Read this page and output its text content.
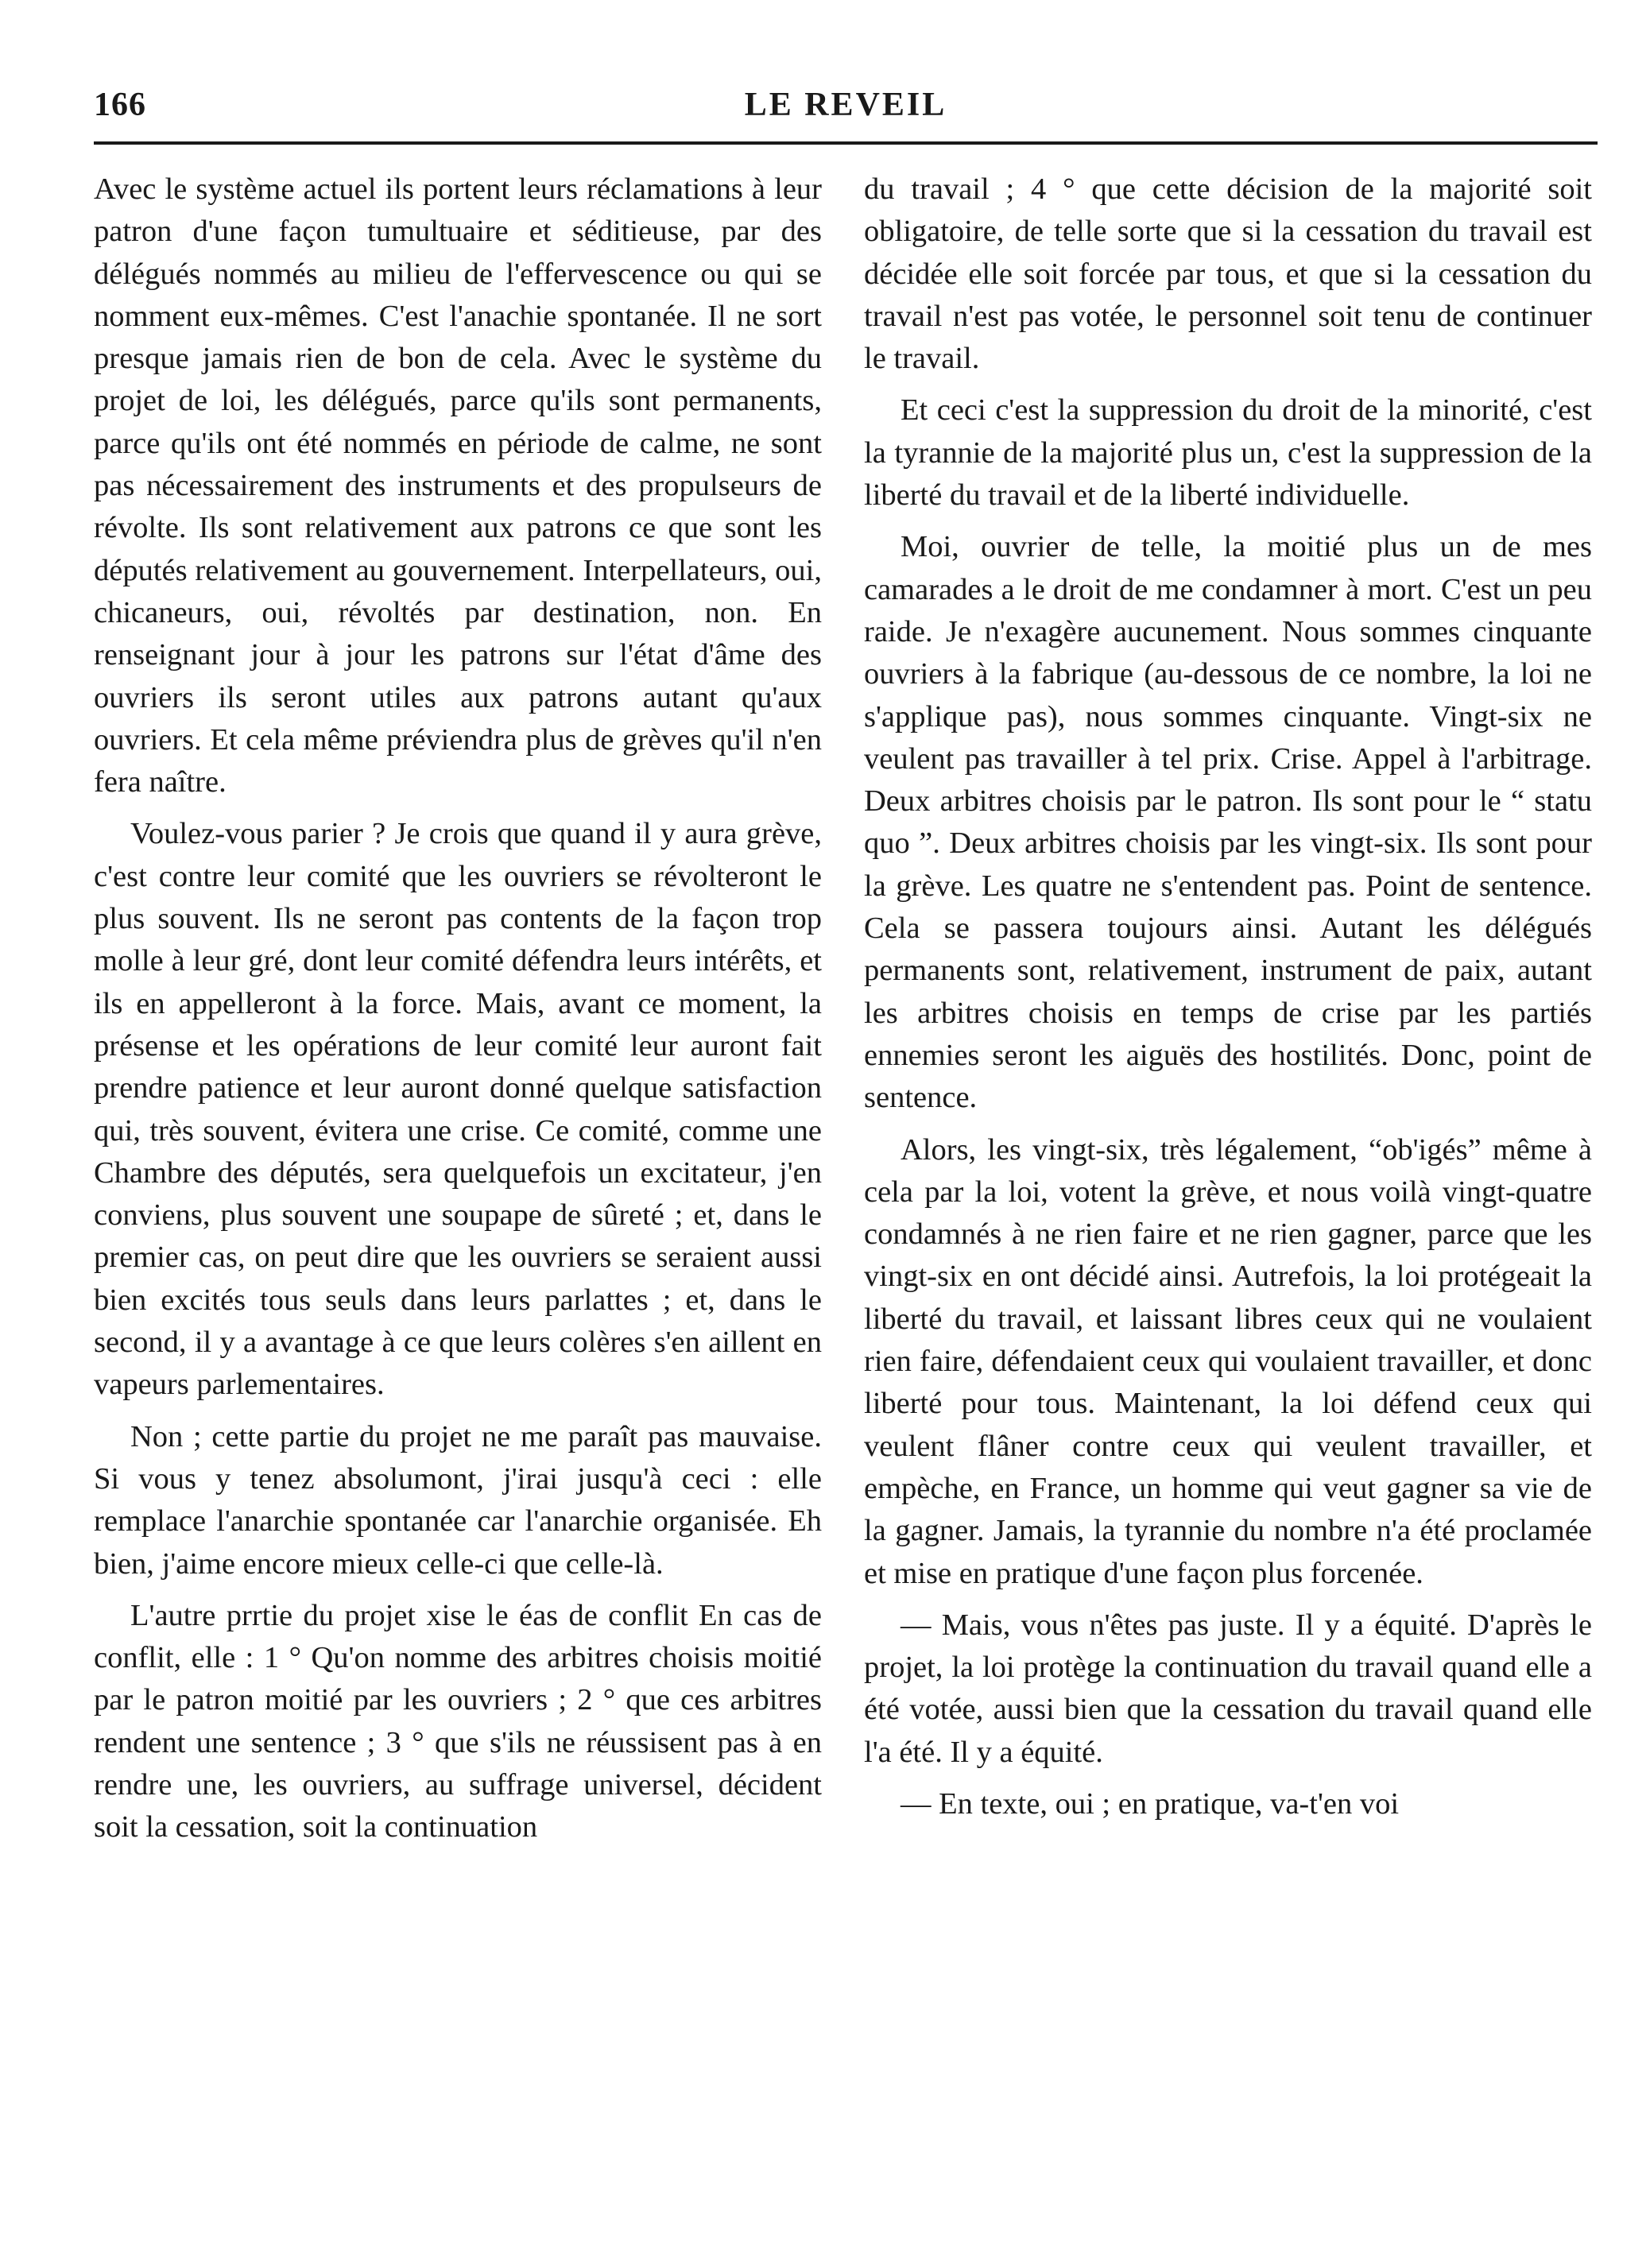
166	LE REVEIL

Avec le système actuel ils portent leurs réclamations à leur patron d'une façon tumultuaire et séditieuse, par des délégués nommés au milieu de l'effervescence ou qui se nomment eux-mêmes. C'est l'anachie spontanée. Il ne sort presque jamais rien de bon de cela. Avec le système du projet de loi, les délégués, parce qu'ils sont permanents, parce qu'ils ont été nommés en période de calme, ne sont pas nécessairement des instruments et des propulseurs de révolte. Ils sont relativement aux patrons ce que sont les députés relativement au gouvernement. Interpellateurs, oui, chicaneurs, oui, révoltés par destination, non. En renseignant jour à jour les patrons sur l'état d'âme des ouvriers ils seront utiles aux patrons autant qu'aux ouvriers. Et cela même préviendra plus de grèves qu'il n'en fera naître.

Voulez-vous parier ? Je crois que quand il y aura grève, c'est contre leur comité que les ouvriers se révolteront le plus souvent. Ils ne seront pas contents de la façon trop molle à leur gré, dont leur comité défendra leurs intérêts, et ils en appelleront à la force. Mais, avant ce moment, la présense et les opérations de leur comité leur auront fait prendre patience et leur auront donné quelque satisfaction qui, très souvent, évitera une crise. Ce comité, comme une Chambre des députés, sera quelquefois un excitateur, j'en conviens, plus souvent une soupape de sûreté ; et, dans le premier cas, on peut dire que les ouvriers se seraient aussi bien excités tous seuls dans leurs parlattes ; et, dans le second, il y a avantage à ce que leurs colères s'en aillent en vapeurs parlementaires.

Non ; cette partie du projet ne me paraît pas mauvaise. Si vous y tenez absolumont, j'irai jusqu'à ceci : elle remplace l'anarchie spontanée car l'anarchie organisée. Eh bien, j'aime encore mieux celle-ci que celle-là.

L'autre prrtie du projet xise le éas de conflit En cas de conflit, elle : 1 ° Qu'on nomme des arbitres choisis moitié par le patron moitié par les ouvriers ; 2 ° que ces arbitres rendent une sentence ; 3 ° que s'ils ne réussisent pas à en rendre une, les ouvriers, au suffrage universel, décident soit la cessation, soit la continuation

du travail ; 4 ° que cette décision de la majorité soit obligatoire, de telle sorte que si la cessation du travail est décidée elle soit forcée par tous, et que si la cessation du travail n'est pas votée, le personnel soit tenu de continuer le travail.

Et ceci c'est la suppression du droit de la minorité, c'est la tyrannie de la majorité plus un, c'est la suppression de la liberté du travail et de la liberté individuelle.

Moi, ouvrier de telle, la moitié plus un de mes camarades a le droit de me condamner à mort. C'est un peu raide. Je n'exagère aucunement. Nous sommes cinquante ouvriers à la fabrique (au-dessous de ce nombre, la loi ne s'applique pas), nous sommes cinquante. Vingt-six ne veulent pas travailler à tel prix. Crise. Appel à l'arbitrage. Deux arbitres choisis par le patron. Ils sont pour le “ statu quo ”. Deux arbitres choisis par les vingt-six. Ils sont pour la grève. Les quatre ne s'entendent pas. Point de sentence. Cela se passera toujours ainsi. Autant les délégués permanents sont, relativement, instrument de paix, autant les arbitres choisis en temps de crise par les partiés ennemies seront les aiguës des hostilités. Donc, point de sentence.

Alors, les vingt-six, très légalement, “ob'igés” même à cela par la loi, votent la grève, et nous voilà vingt-quatre condamnés à ne rien faire et ne rien gagner, parce que les vingt-six en ont décidé ainsi. Autrefois, la loi protégeait la liberté du travail, et laissant libres ceux qui ne voulaient rien faire, défendaient ceux qui voulaient travailler, et donc liberté pour tous. Maintenant, la loi défend ceux qui veulent flâner contre ceux qui veulent travailler, et empèche, en France, un homme qui veut gagner sa vie de la gagner. Jamais, la tyrannie du nombre n'a été proclamée et mise en pratique d'une façon plus forcenée.

— Mais, vous n'êtes pas juste. Il y a équité. D'après le projet, la loi protège la continuation du travail quand elle a été votée, aussi bien que la cessation du travail quand elle l'a été. Il y a équité.

— En texte, oui ; en pratique, va-t'en voi
